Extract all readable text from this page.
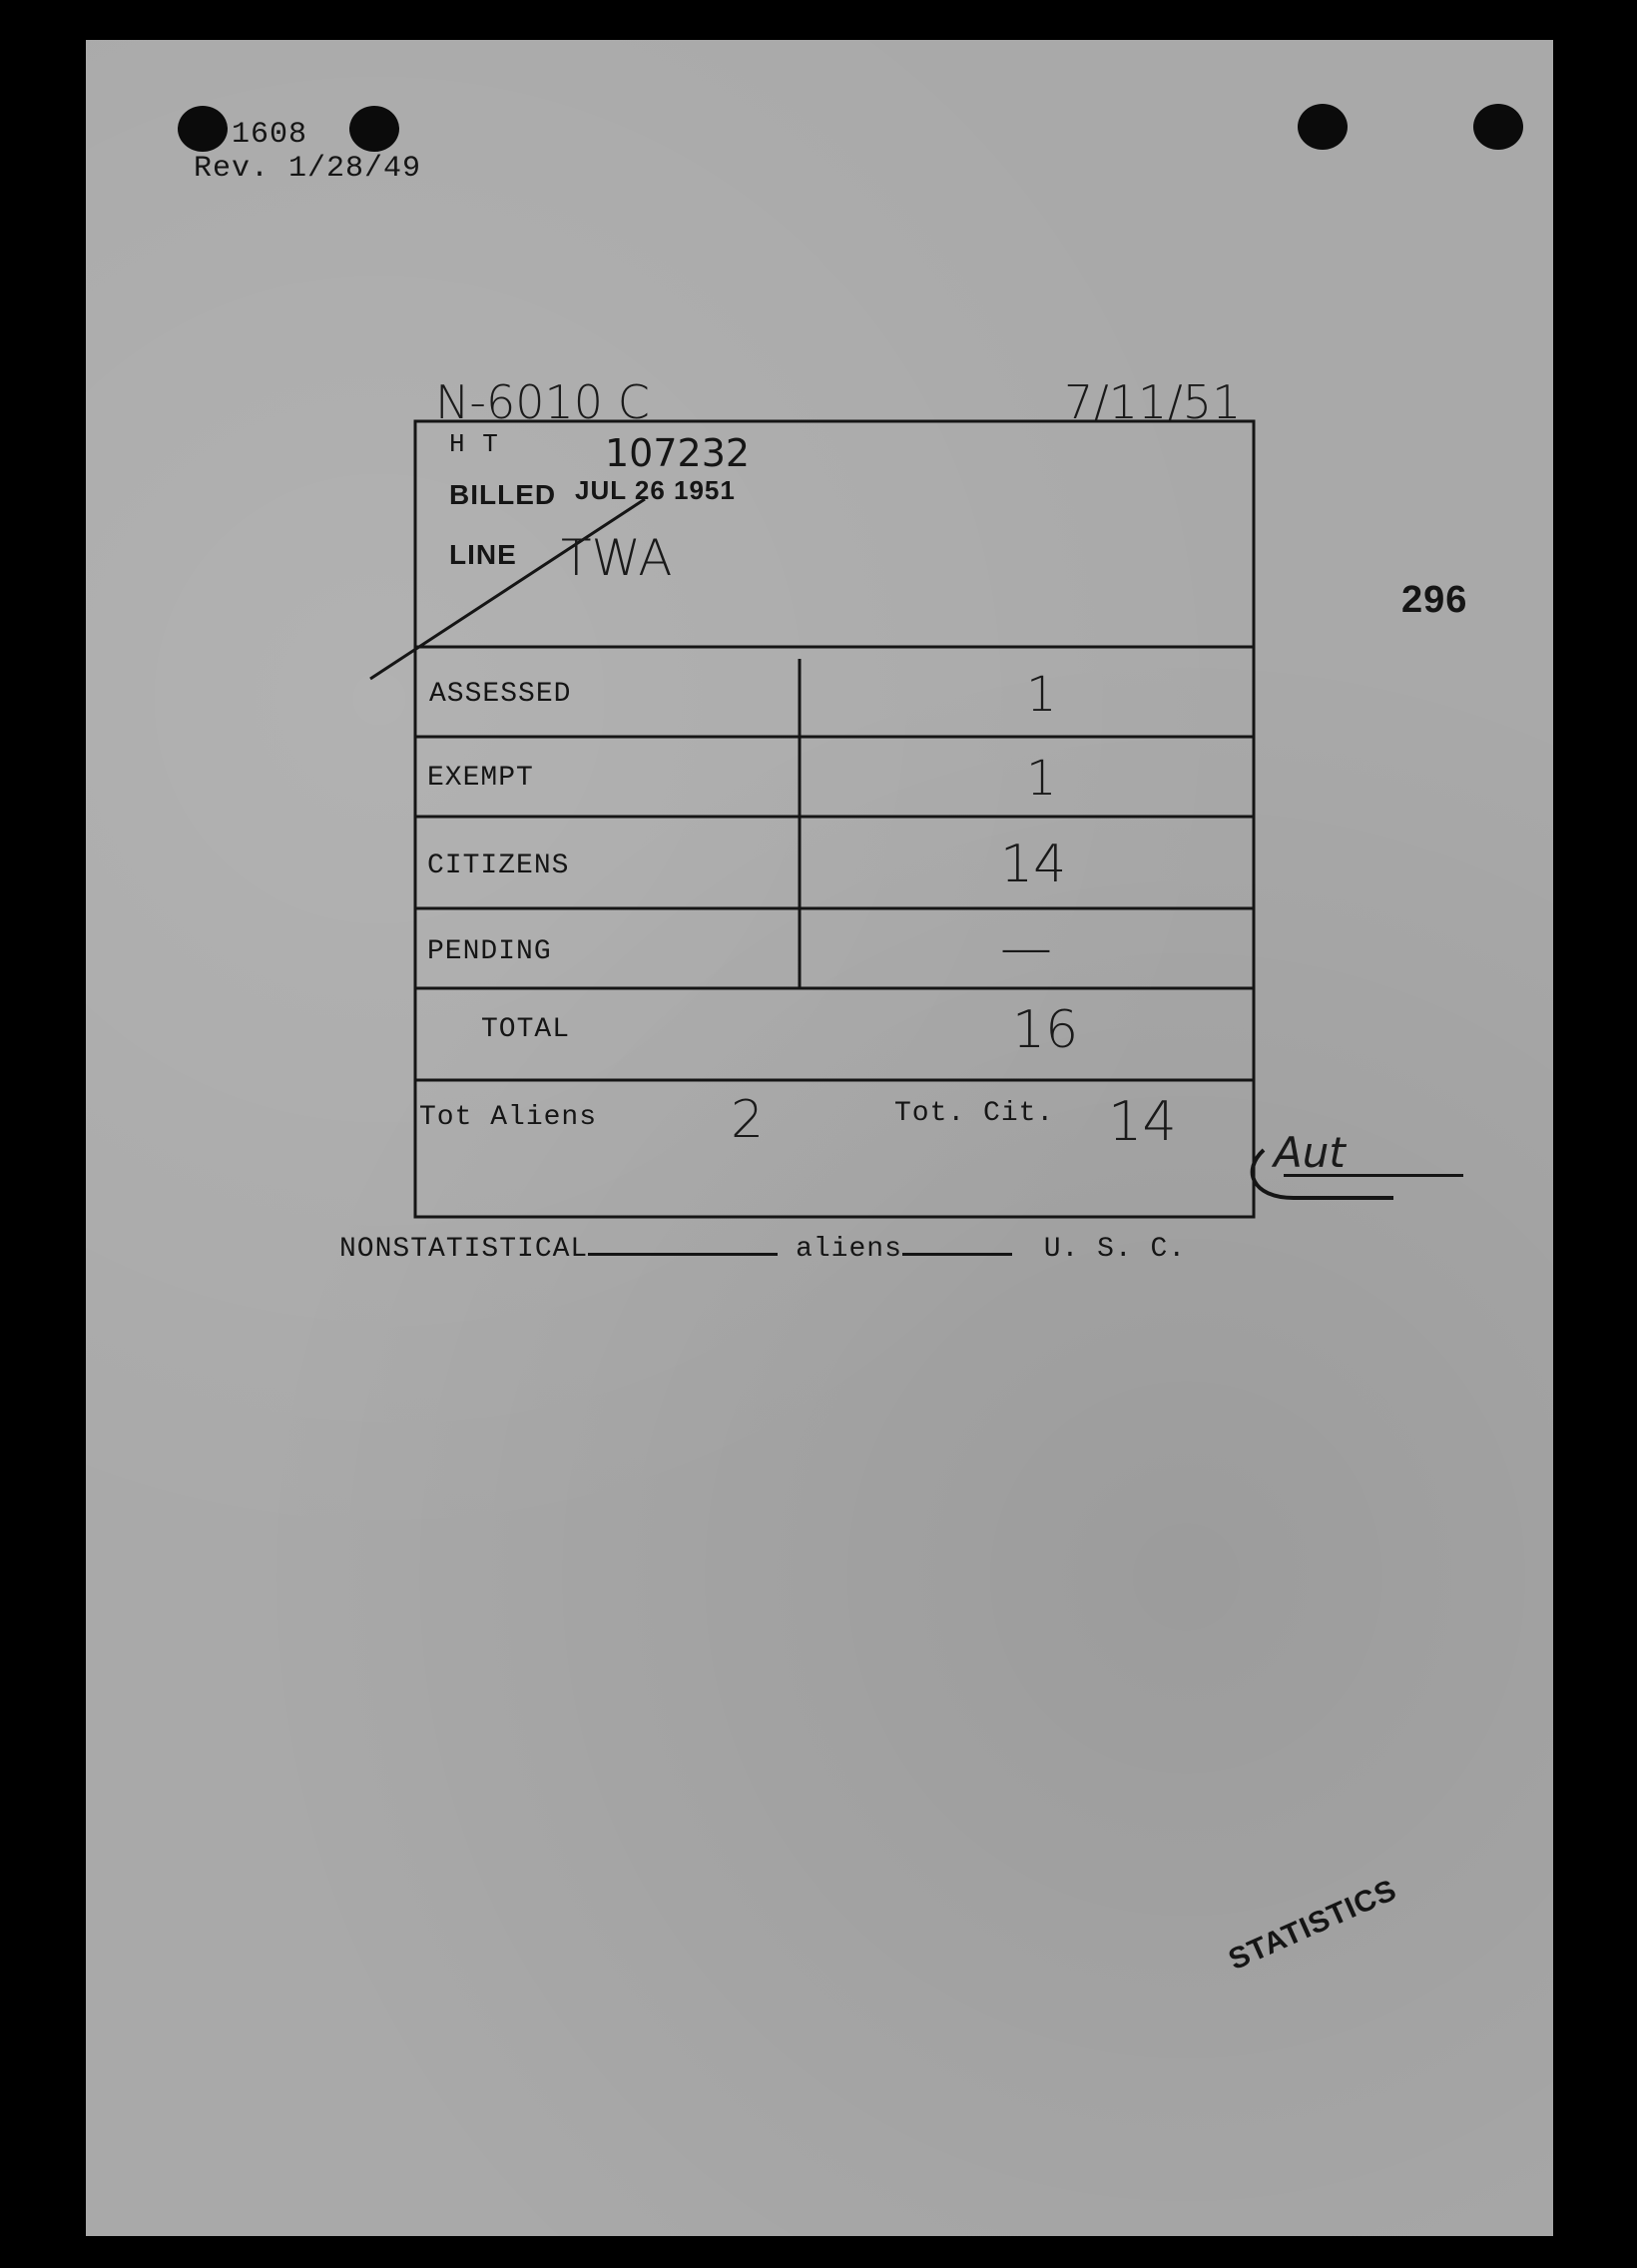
1608
Rev. 1/28/49
N-6010 C	7/11/51
296
H T	107232
BILLED JUL 26 1951
LINE TWA
ASSESSED	1
EXEMPT	1
CITIZENS	14
PENDING	—
TOTAL	16
Tot Aliens	2	Tot. Cit. 14 Aut
NONSTATISTICAL	aliens	U. S. C.
STATISTICS
